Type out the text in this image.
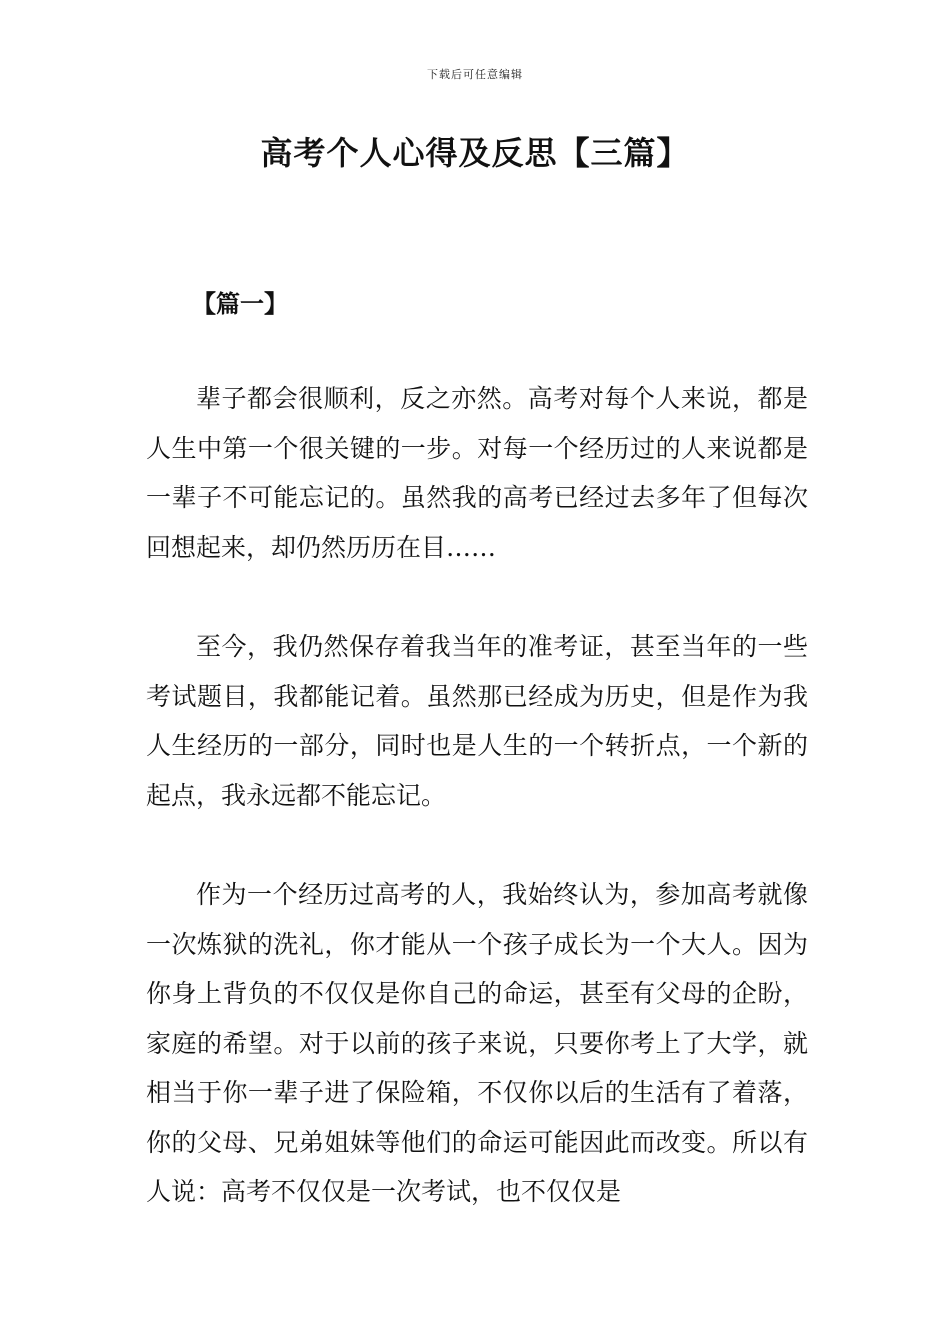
下载后可任意编辑
高考个人心得及反思【三篇】
【篇一】

辈子都会很顺利，反之亦然。高考对每个人来说，都是人生中第一个很关键的一步。对每一个经历过的人来说都是一辈子不可能忘记的。虽然我的高考已经过去多年了但每次回想起来，却仍然历历在目……

至今，我仍然保存着我当年的准考证，甚至当年的一些考试题目，我都能记着。虽然那已经成为历史，但是作为我人生经历的一部分，同时也是人生的一个转折点，一个新的起点，我永远都不能忘记。

作为一个经历过高考的人，我始终认为，参加高考就像一次炼狱的洗礼，你才能从一个孩子成长为一个大人。因为你身上背负的不仅仅是你自己的命运，甚至有父母的企盼，家庭的希望。对于以前的孩子来说，只要你考上了大学，就相当于你一辈子进了保险箱，不仅你以后的生活有了着落，你的父母、兄弟姐妹等他们的命运可能因此而改变。所以有人说：高考不仅仅是一次考试，也不仅仅是
